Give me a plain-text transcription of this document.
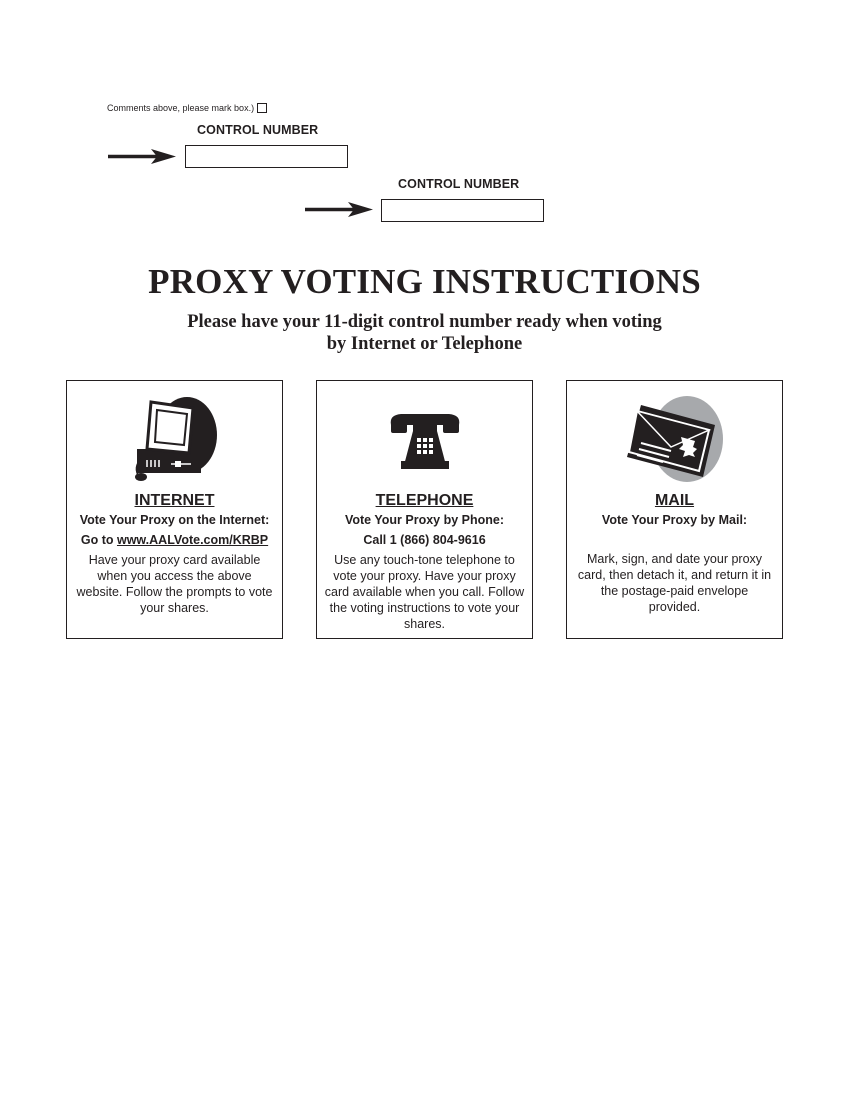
Comments above, please mark box.)
CONTROL NUMBER
CONTROL NUMBER
PROXY VOTING INSTRUCTIONS
Please have your 11-digit control number ready when voting
by Internet or Telephone
INTERNET
Vote Your Proxy on the Internet:
Go to www.AALVote.com/KRBP
Have your proxy card available when you access the above website. Follow the prompts to vote your shares.
TELEPHONE
Vote Your Proxy by Phone:
Call 1 (866) 804-9616
Use any touch-tone telephone to vote your proxy. Have your proxy card available when you call. Follow the voting instructions to vote your shares.
MAIL
Vote Your Proxy by Mail:
Mark, sign, and date your proxy card, then detach it, and return it in the postage-paid envelope provided.
